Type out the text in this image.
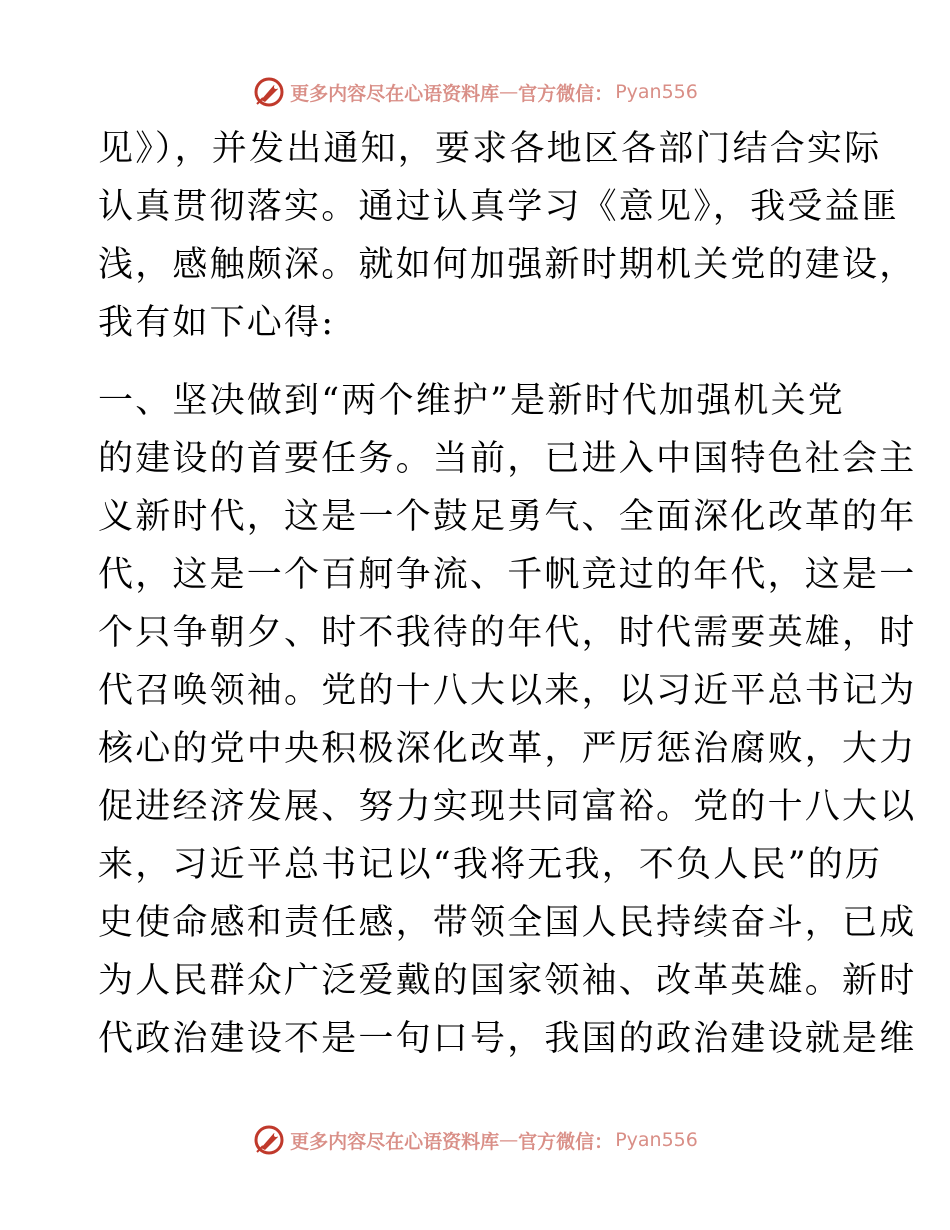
更多内容尽在心语资料库 — 官方微信： Pyan556
见》），并发出通知，要求各地区各部门结合实际
认真贯彻落实。通过认真学习《意见》，我受益匪
浅，感触颇深。就如何加强新时期机关党的建设，
我有如下心得:
一、坚决做到“两个维护”是新时代加强机关党
的建设的首要任务。当前，已进入中国特色社会主
义新时代，这是一个鼓足勇气、全面深化改革的年
代，这是一个百舸争流、千帆竞过的年代，这是一
个只争朝夕、时不我待的年代，时代需要英雄，时
代召唤领袖。党的十八大以来，以习近平总书记为
核心的党中央积极深化改革，严厉惩治腐败，大力
促进经济发展、努力实现共同富裕。党的十八大以
来，习近平总书记以“我将无我，不负人民”的历
史使命感和责任感，带领全国人民持续奋斗，已成
为人民群众广泛爱戴的国家领袖、改革英雄。新时
代政治建设不是一句口号，我国的政治建设就是维
更多内容尽在心语资料库 — 官方微信： Pyan556
